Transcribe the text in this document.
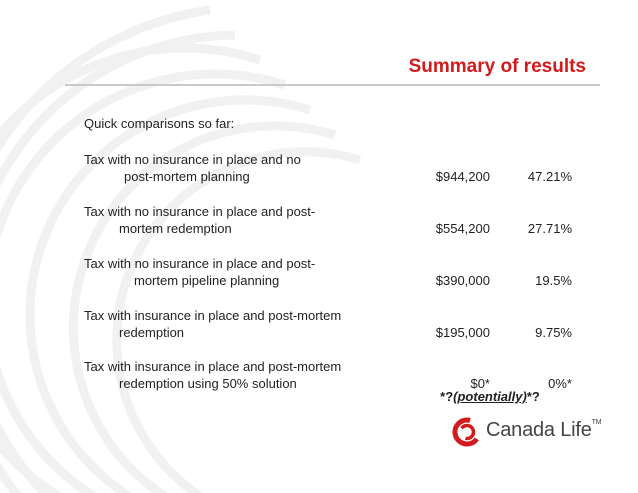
Summary of results
Quick comparisons so far:
Tax with no insurance in place and no
post-mortem planning	$944,200	47.21%
Tax with no insurance in place and post-
mortem redemption	$554,200	27.71%
Tax with no insurance in place and post-
mortem pipeline planning	$390,000	19.5%
Tax with insurance in place and post-mortem
redemption	$195,000	9.75%
Tax with insurance in place and post-mortem
redemption using 50% solution	$0*	0%*
*?(potentially)*?
Canada Life™
